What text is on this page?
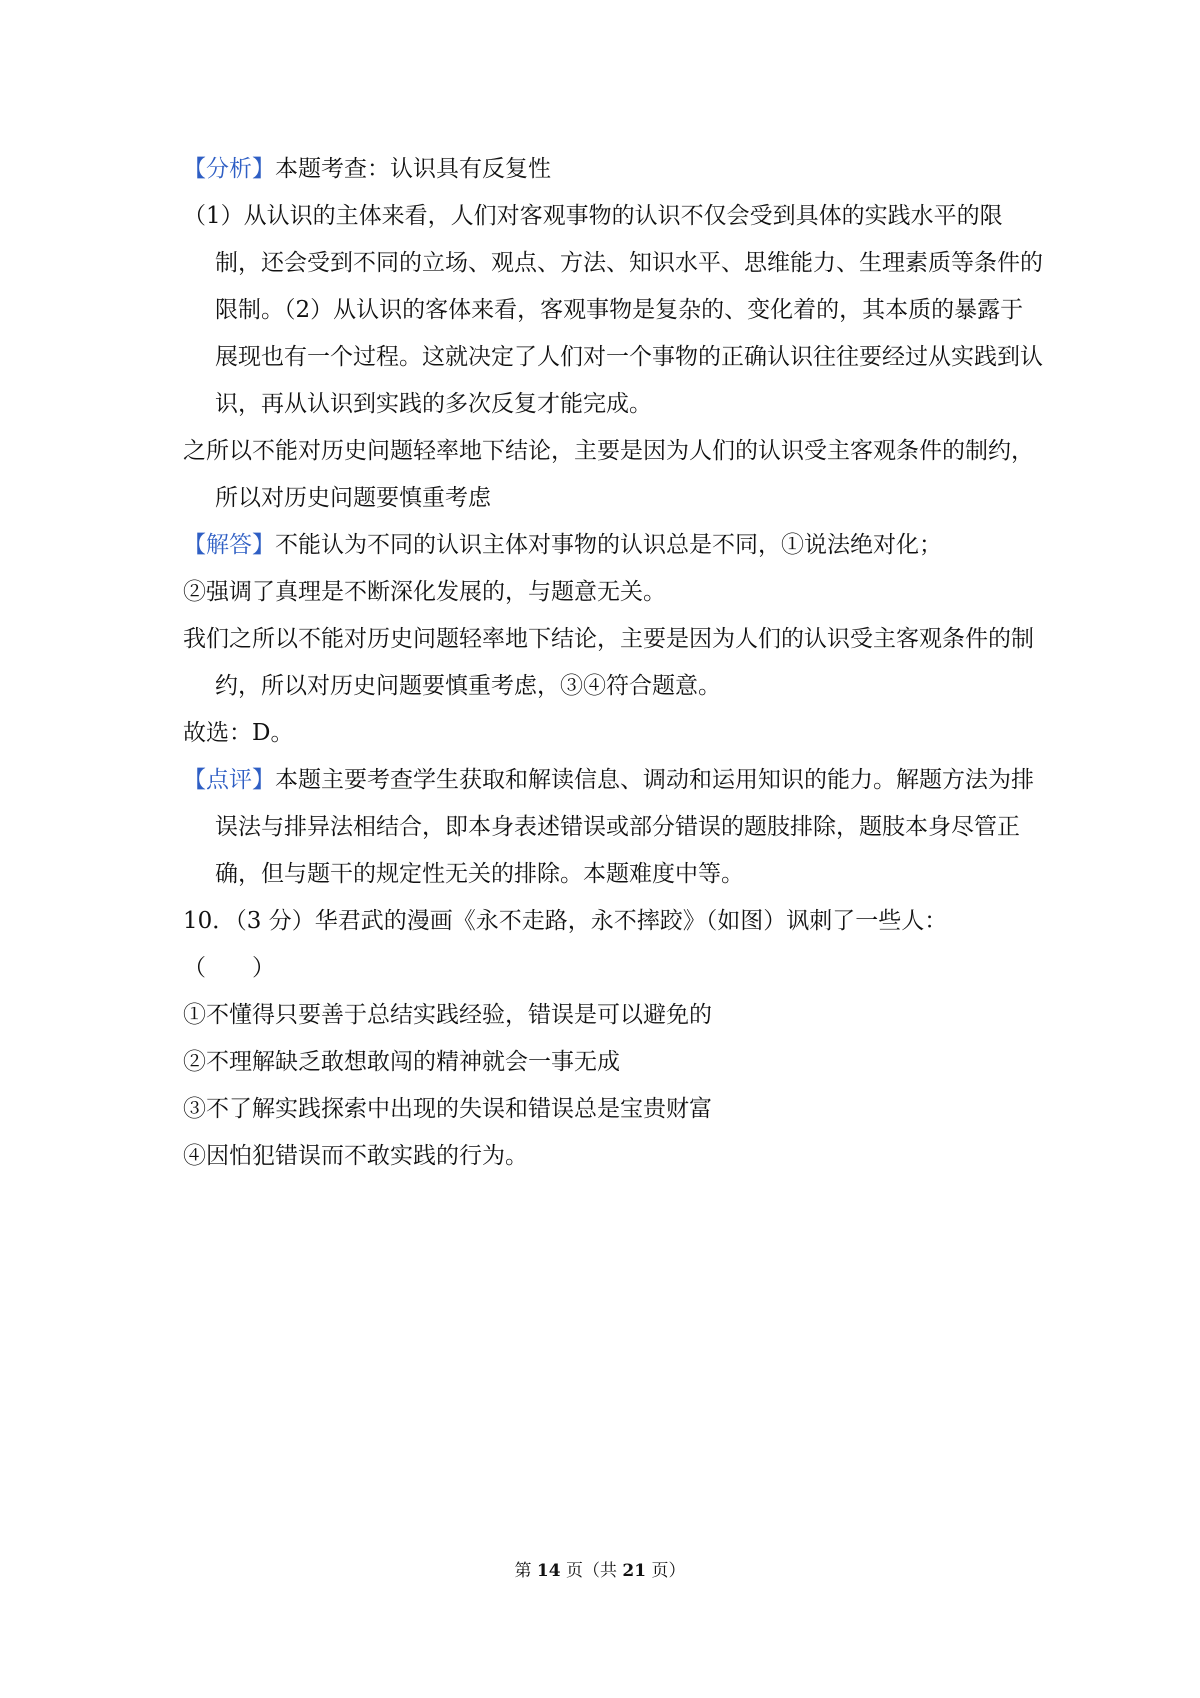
【分析】本题考查：认识具有反复性

（1）从认识的主体来看，人们对客观事物的认识不仅会受到具体的实践水平的限制，还会受到不同的立场、观点、方法、知识水平、思维能力、生理素质等条件的限制。（2）从认识的客体来看，客观事物是复杂的、变化着的，其本质的暴露于展现也有一个过程。这就决定了人们对一个事物的正确认识往往要经过从实践到认识，再从认识到实践的多次反复才能完成。

之所以不能对历史问题轻率地下结论，主要是因为人们的认识受主客观条件的制约，所以对历史问题要慎重考虑

【解答】不能认为不同的认识主体对事物的认识总是不同，①说法绝对化；

②强调了真理是不断深化发展的，与题意无关。

我们之所以不能对历史问题轻率地下结论，主要是因为人们的认识受主客观条件的制约，所以对历史问题要慎重考虑，③④符合题意。

故选：D。

【点评】本题主要考查学生获取和解读信息、调动和运用知识的能力。解题方法为排误法与排异法相结合，即本身表述错误或部分错误的题肢排除，题肢本身尽管正确，但与题干的规定性无关的排除。本题难度中等。

10．（3 分）华君武的漫画《永不走路，永不摔跤》（如图）讽刺了一些人：

（　　）

①不懂得只要善于总结实践经验，错误是可以避免的

②不理解缺乏敢想敢闯的精神就会一事无成

③不了解实践探索中出现的失误和错误总是宝贵财富

④因怕犯错误而不敢实践的行为。

第 14 页（共 21 页）
